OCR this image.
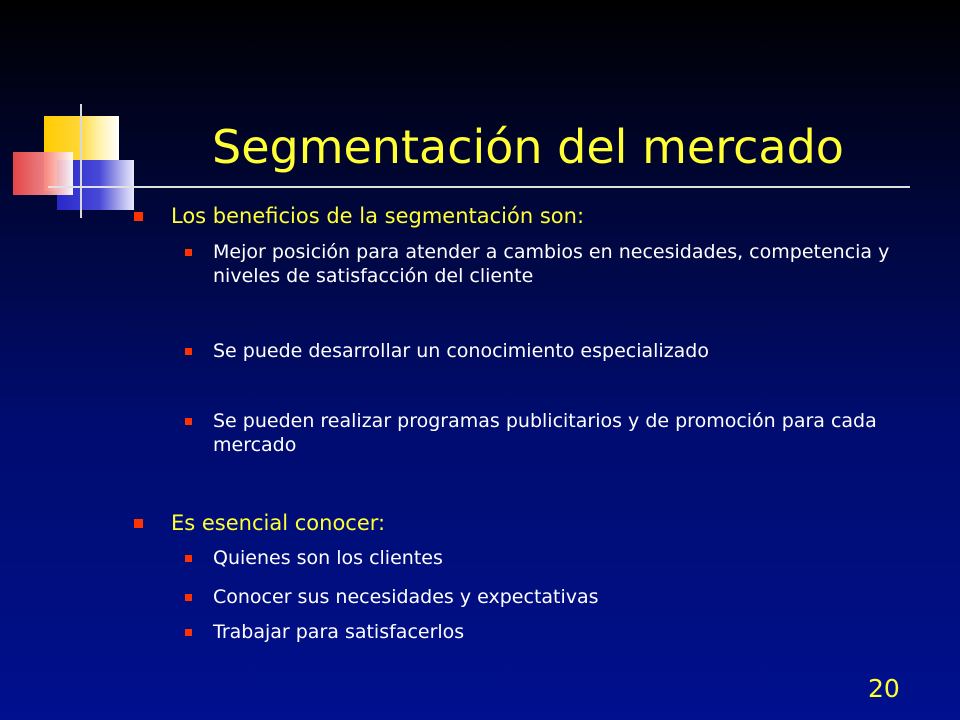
Segmentación del mercado
Los beneficios de la segmentación son:
Mejor posición para atender a cambios en necesidades, competencia y niveles de satisfacción del cliente
Se puede desarrollar un conocimiento especializado
Se pueden realizar programas publicitarios y de promoción para cada mercado
Es esencial conocer:
Quienes son los clientes
Conocer sus necesidades y expectativas
Trabajar para satisfacerlos
20
